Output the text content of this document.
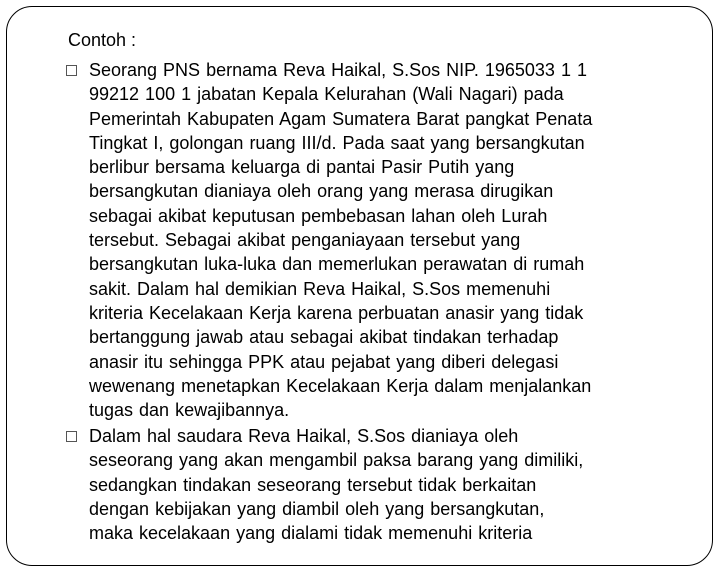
Contoh :
Seorang PNS bernama Reva Haikal, S.Sos NIP. 1965033 1 1
99212 100 1 jabatan Kepala Kelurahan (Wali Nagari) pada
Pemerintah Kabupaten Agam Sumatera Barat pangkat Penata
Tingkat I, golongan ruang III/d. Pada saat yang bersangkutan
berlibur bersama keluarga di pantai Pasir Putih yang
bersangkutan dianiaya oleh orang yang merasa dirugikan
sebagai akibat keputusan pembebasan lahan oleh Lurah
tersebut. Sebagai akibat penganiayaan tersebut yang
bersangkutan luka-luka dan memerlukan perawatan di rumah
sakit. Dalam hal demikian Reva Haikal, S.Sos memenuhi
kriteria Kecelakaan Kerja karena perbuatan anasir yang tidak
bertanggung jawab atau sebagai akibat tindakan terhadap
anasir itu sehingga PPK atau pejabat yang diberi delegasi
wewenang menetapkan Kecelakaan Kerja dalam menjalankan
tugas dan kewajibannya.
Dalam hal saudara Reva Haikal, S.Sos dianiaya oleh
seseorang yang akan mengambil paksa barang yang dimiliki,
sedangkan tindakan seseorang tersebut tidak berkaitan
dengan kebijakan yang diambil oleh yang bersangkutan,
maka kecelakaan yang dialami tidak memenuhi kriteria
